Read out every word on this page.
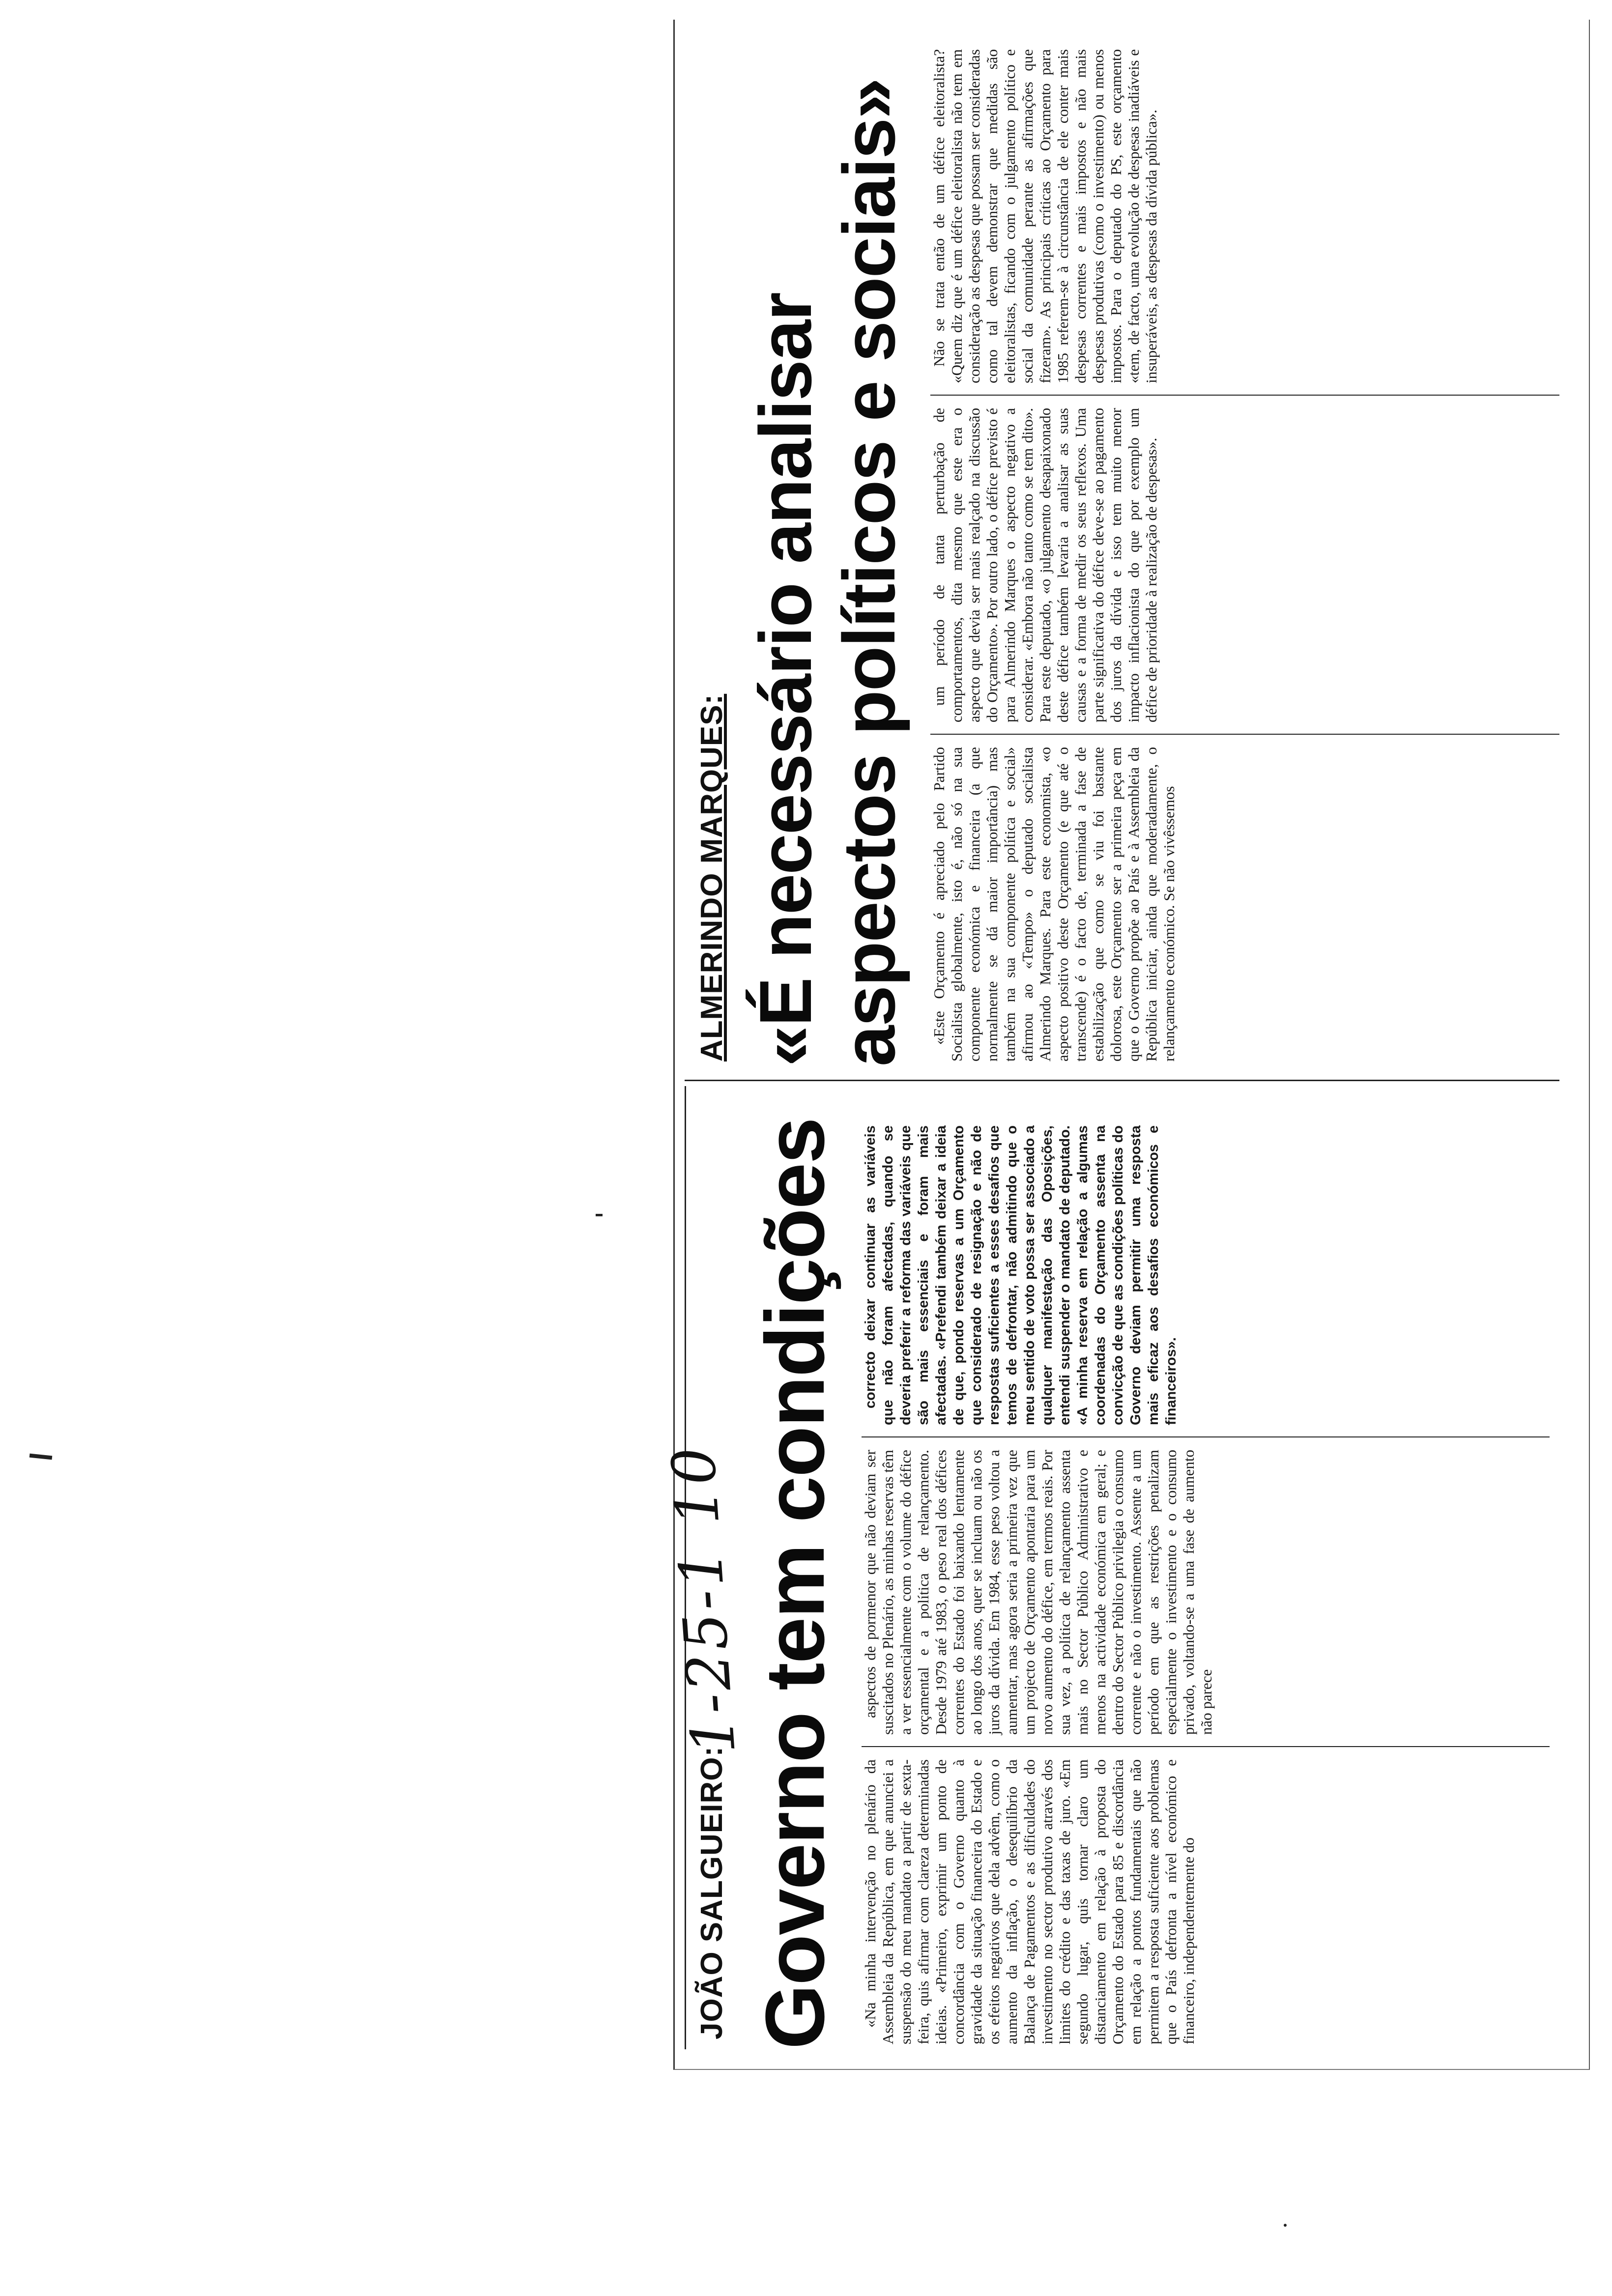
JOÃO SALGUEIRO:
1-25-1 10 Governo tem condições «Na minha intervenção no plenário da Assembleia da República, em que anunciei a suspensão do meu mandato a partir de sexta-feira, quis afirmar com clareza determinadas ideias. «Primeiro, exprimir um ponto de concordância com o Governo quanto à gravidade da situação financeira do Estado e os efeitos negativos que dela advêm, como o aumento da inflação, o desequilíbrio da Balança de Pagamentos e as dificuldades do investimento no sector produtivo através dos limites do crédito e das taxas de juro. «Em segundo lugar, quis tornar claro um distanciamento em relação à proposta do Orçamento do Estado para 85 e discordância em relação a pontos fundamentais que não permitem a resposta suficiente aos problemas que o País defronta a nível económico e financeiro, independentemente do

aspectos de pormenor que não deviam ser suscitados no Plenário, as minhas reservas têm a ver essencialmente com o volume do défice orçamental e a política de relançamento. Desde 1979 até 1983, o peso real dos défices correntes do Estado foi baixando lentamente ao longo dos anos, quer se incluam ou não os juros da dívida. Em 1984, esse peso voltou a aumentar, mas agora seria a primeira vez que um projecto de Orçamento apontaria para um novo aumento do défice, em termos reais. Por sua vez, a política de relançamento assenta mais no Sector Público Administrativo e menos na actividade económica em geral; e dentro do Sector Público privilegia o consumo corrente e não o investimento. Assente a um período em que as restrições penalizam especialmente o investimento e o consumo privado, voltando-se a uma fase de aumento não parece

correcto deixar continuar as variáveis que não foram afectadas, quando se deveria preferir a reforma das variáveis que são mais essenciais e foram mais afectadas. «Prefendi também deixar a ideia de que, pondo reservas a um Orçamento que considerado de resignação e não de respostas suficientes a esses desafios que temos de defrontar, não admitindo que o meu sentido de voto possa ser associado a qualquer manifestação das Oposições, entendi suspender o mandato de deputado. «A minha reserva em relação a algumas coordenadas do Orçamento assenta na convicção de que as condições políticas do Governo deviam permitir uma resposta mais eficaz aos desafios económicos e financeiros».

ALMERINDO MARQUES: «É necessário analisar aspectos políticos e sociais» «Este Orçamento é apreciado pelo Partido Socialista globalmente, isto é, não só na sua componente económica e financeira (a que normalmente se dá maior importância) mas também na sua componente política e social» afirmou ao «Tempo» o deputado socialista Almerindo Marques. Para este economista, «o aspecto positivo deste Orçamento (e que até o transcende) é o facto de, terminada a fase de estabilização que como se viu foi bastante dolorosa, este Orçamento ser a primeira peça em que o Governo propõe ao País e à Assembleia da República iniciar, ainda que moderadamente, o relançamento económico. Se não vivêssemos

um período de tanta perturbação de comportamentos, dita mesmo que este era o aspecto que devia ser mais realçado na discussão do Orçamento». Por outro lado, o défice previsto é para Almerindo Marques o aspecto negativo a considerar. «Embora não tanto como se tem dito». Para este deputado, «o julgamento desapaixonado deste défice também levaria a analisar as suas causas e a forma de medir os seus reflexos. Uma parte significativa do défice deve-se ao pagamento dos juros da dívida e isso tem muito menor impacto inflacionista do que por exemplo um défice de prioridade à realização de despesas».

Não se trata então de um défice eleitoralista? «Quem diz que é um défice eleitoralista não tem em consideração as despesas que possam ser consideradas como tal devem demonstrar que medidas são eleitoralistas, ficando com o julgamento político e social da comunidade perante as afirmações que fizeram». As principais críticas ao Orçamento para 1985 referem-se à circunstância de ele conter mais despesas correntes e mais impostos e não mais despesas produtivas (como o investimento) ou menos impostos. Para o deputado do PS, este orçamento «tem, de facto, uma evolução de despesas inadiáveis e insuperáveis, as despesas da dívida pública».
